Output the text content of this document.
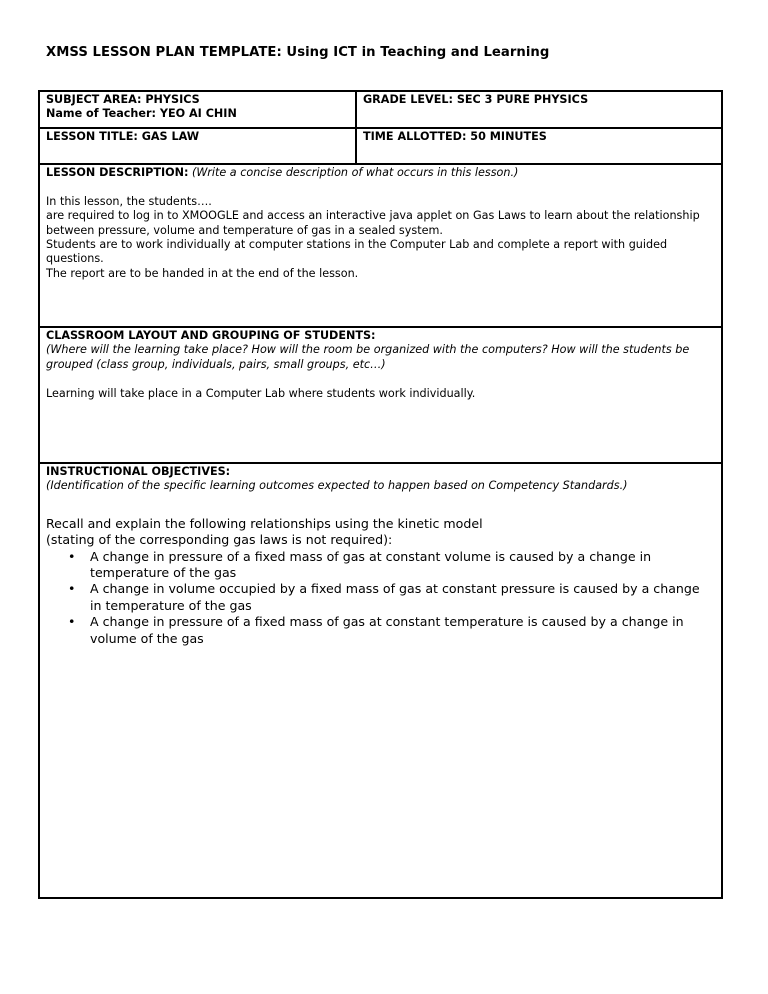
XMSS LESSON PLAN TEMPLATE: Using ICT in Teaching and Learning
SUBJECT AREA: PHYSICS
Name of Teacher: YEO AI CHIN
GRADE LEVEL: SEC 3 PURE PHYSICS
LESSON TITLE: GAS LAW	TIME ALLOTTED: 50 MINUTES
LESSON DESCRIPTION: (Write a concise description of what occurs in this lesson.)
In this lesson, the students….
are required to log in to XMOOGLE and access an interactive java applet on Gas Laws to learn about the relationship between pressure, volume and temperature of gas in a sealed system.
Students are to work individually at computer stations in the Computer Lab and complete a report with guided questions.
The report are to be handed in at the end of the lesson.
CLASSROOM LAYOUT AND GROUPING OF STUDENTS:
(Where will the learning take place? How will the room be organized with the computers? How will the students be grouped (class group, individuals, pairs, small groups, etc…)
Learning will take place in a Computer Lab where students work individually.
INSTRUCTIONAL OBJECTIVES:
(Identification of the specific learning outcomes expected to happen based on Competency Standards.)
Recall and explain the following relationships using the kinetic model
(stating of the corresponding gas laws is not required):
• A change in pressure of a fixed mass of gas at constant volume is caused by a change in temperature of the gas
• A change in volume occupied by a fixed mass of gas at constant pressure is caused by a change in temperature of the gas
• A change in pressure of a fixed mass of gas at constant temperature is caused by a change in volume of the gas
